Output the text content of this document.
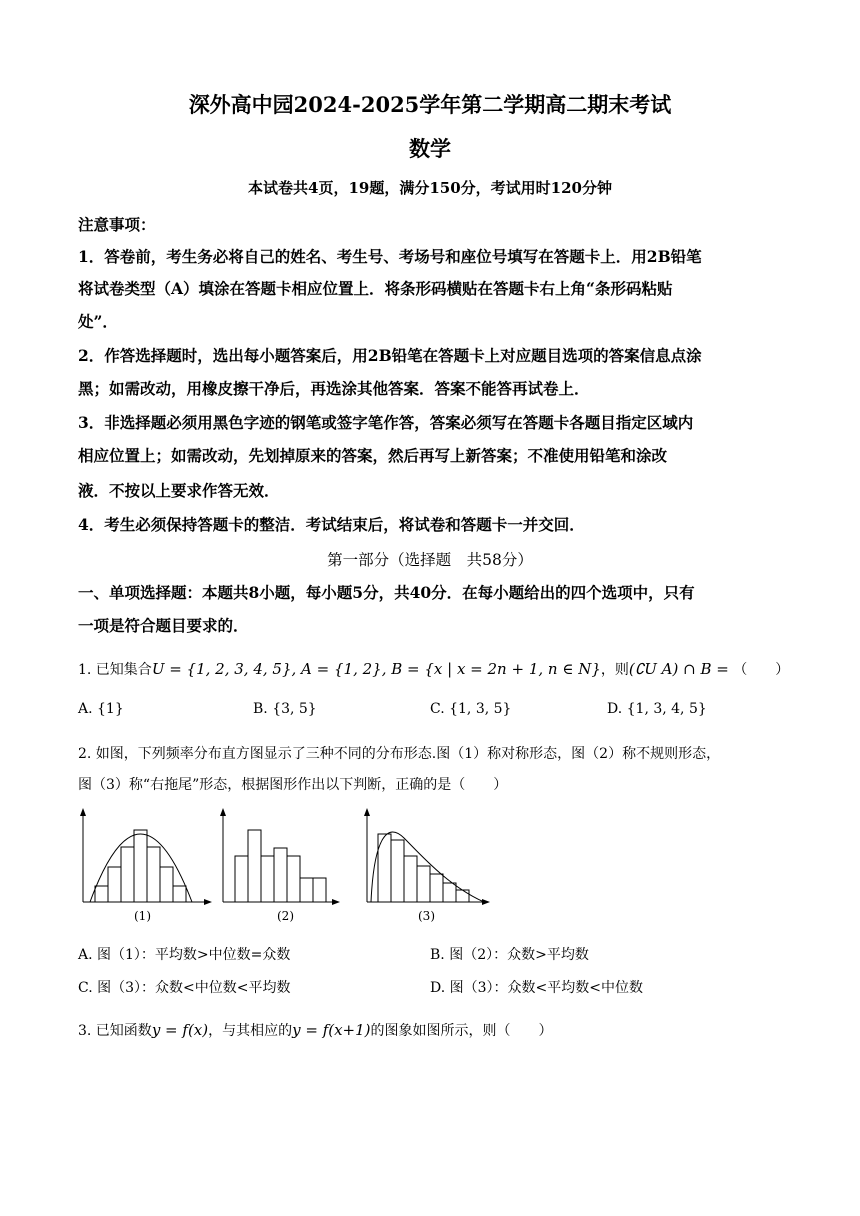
深外高中园2024-2025学年第二学期高二期末考试
数学
本试卷共4页，19题，满分150分，考试用时120分钟
注意事项：
1．答卷前，考生务必将自己的姓名、考生号、考场号和座位号填写在答题卡上．用2B铅笔
将试卷类型（A）填涂在答题卡相应位置上．将条形码横贴在答题卡右上角“条形码粘贴
处”．
2．作答选择题时，选出每小题答案后，用2B铅笔在答题卡上对应题目选项的答案信息点涂
黑；如需改动，用橡皮擦干净后，再选涂其他答案．答案不能答再试卷上．
3．非选择题必须用黑色字迹的钢笔或签字笔作答，答案必须写在答题卡各题目指定区域内
相应位置上；如需改动，先划掉原来的答案，然后再写上新答案；不准使用铅笔和涂改
液．不按以上要求作答无效．
4．考生必须保持答题卡的整洁．考试结束后，将试卷和答题卡一并交回．
第一部分（选择题　共58分）
一、单项选择题：本题共8小题，每小题5分，共40分．在每小题给出的四个选项中，只有
一项是符合题目要求的．
1. 已知集合U = {1, 2, 3, 4, 5}, A = {1, 2}, B = {x | x = 2n + 1, n ∈ N}，则(∁U A) ∩ B = （　　）
A. {1}	B. {3, 5}	C. {1, 3, 5}	D. {1, 3, 4, 5}
2. 如图，下列频率分布直方图显示了三种不同的分布形态.图（1）称对称形态，图（2）称不规则形态，
图（3）称“右拖尾”形态，根据图形作出以下判断，正确的是（　　）
(1)	(2)	(3)
A. 图（1）：平均数>中位数=众数	B. 图（2）：众数>平均数
C. 图（3）：众数<中位数<平均数	D. 图（3）：众数<平均数<中位数
3. 已知函数y = f(x)，与其相应的y = f(x+1)的图象如图所示，则（　　）
